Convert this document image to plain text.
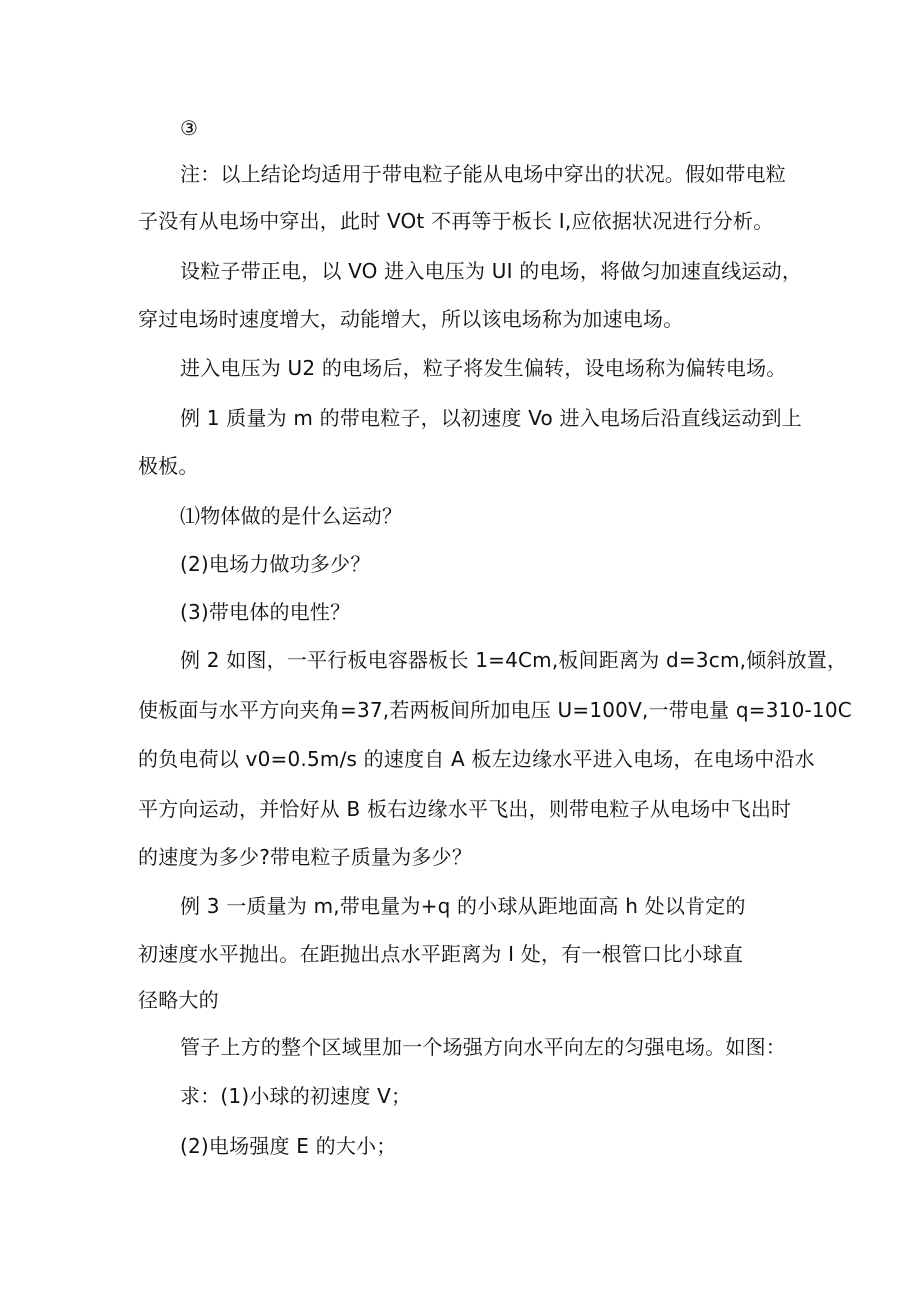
③
注：以上结论均适用于带电粒子能从电场中穿出的状况。假如带电粒
子没有从电场中穿出，此时 VOt 不再等于板长 I,应依据状况进行分析。
设粒子带正电，以 VO 进入电压为 UI 的电场，将做匀加速直线运动，
穿过电场时速度增大，动能增大，所以该电场称为加速电场。
进入电压为 U2 的电场后，粒子将发生偏转，设电场称为偏转电场。
例 1 质量为 m 的带电粒子，以初速度 Vo 进入电场后沿直线运动到上
极板。
⑴物体做的是什么运动？
(2)电场力做功多少？
(3)带电体的电性？
例 2 如图，一平行板电容器板长 1=4Cm,板间距离为 d=3cm,倾斜放置，
使板面与水平方向夹角=37,若两板间所加电压 U=100V,一带电量 q=310-10C
的负电荷以 v0=0.5m∕s 的速度自 A 板左边缘水平进入电场，在电场中沿水
平方向运动，并恰好从 B 板右边缘水平飞出，则带电粒子从电场中飞出时
的速度为多少?带电粒子质量为多少？
例 3 一质量为 m,带电量为+q 的小球从距地面高 h 处以肯定的
初速度水平抛出。在距抛出点水平距离为 I 处，有一根管口比小球直
径略大的
管子上方的整个区域里加一个场强方向水平向左的匀强电场。如图：
求：(1)小球的初速度 V；
(2)电场强度 E 的大小；
